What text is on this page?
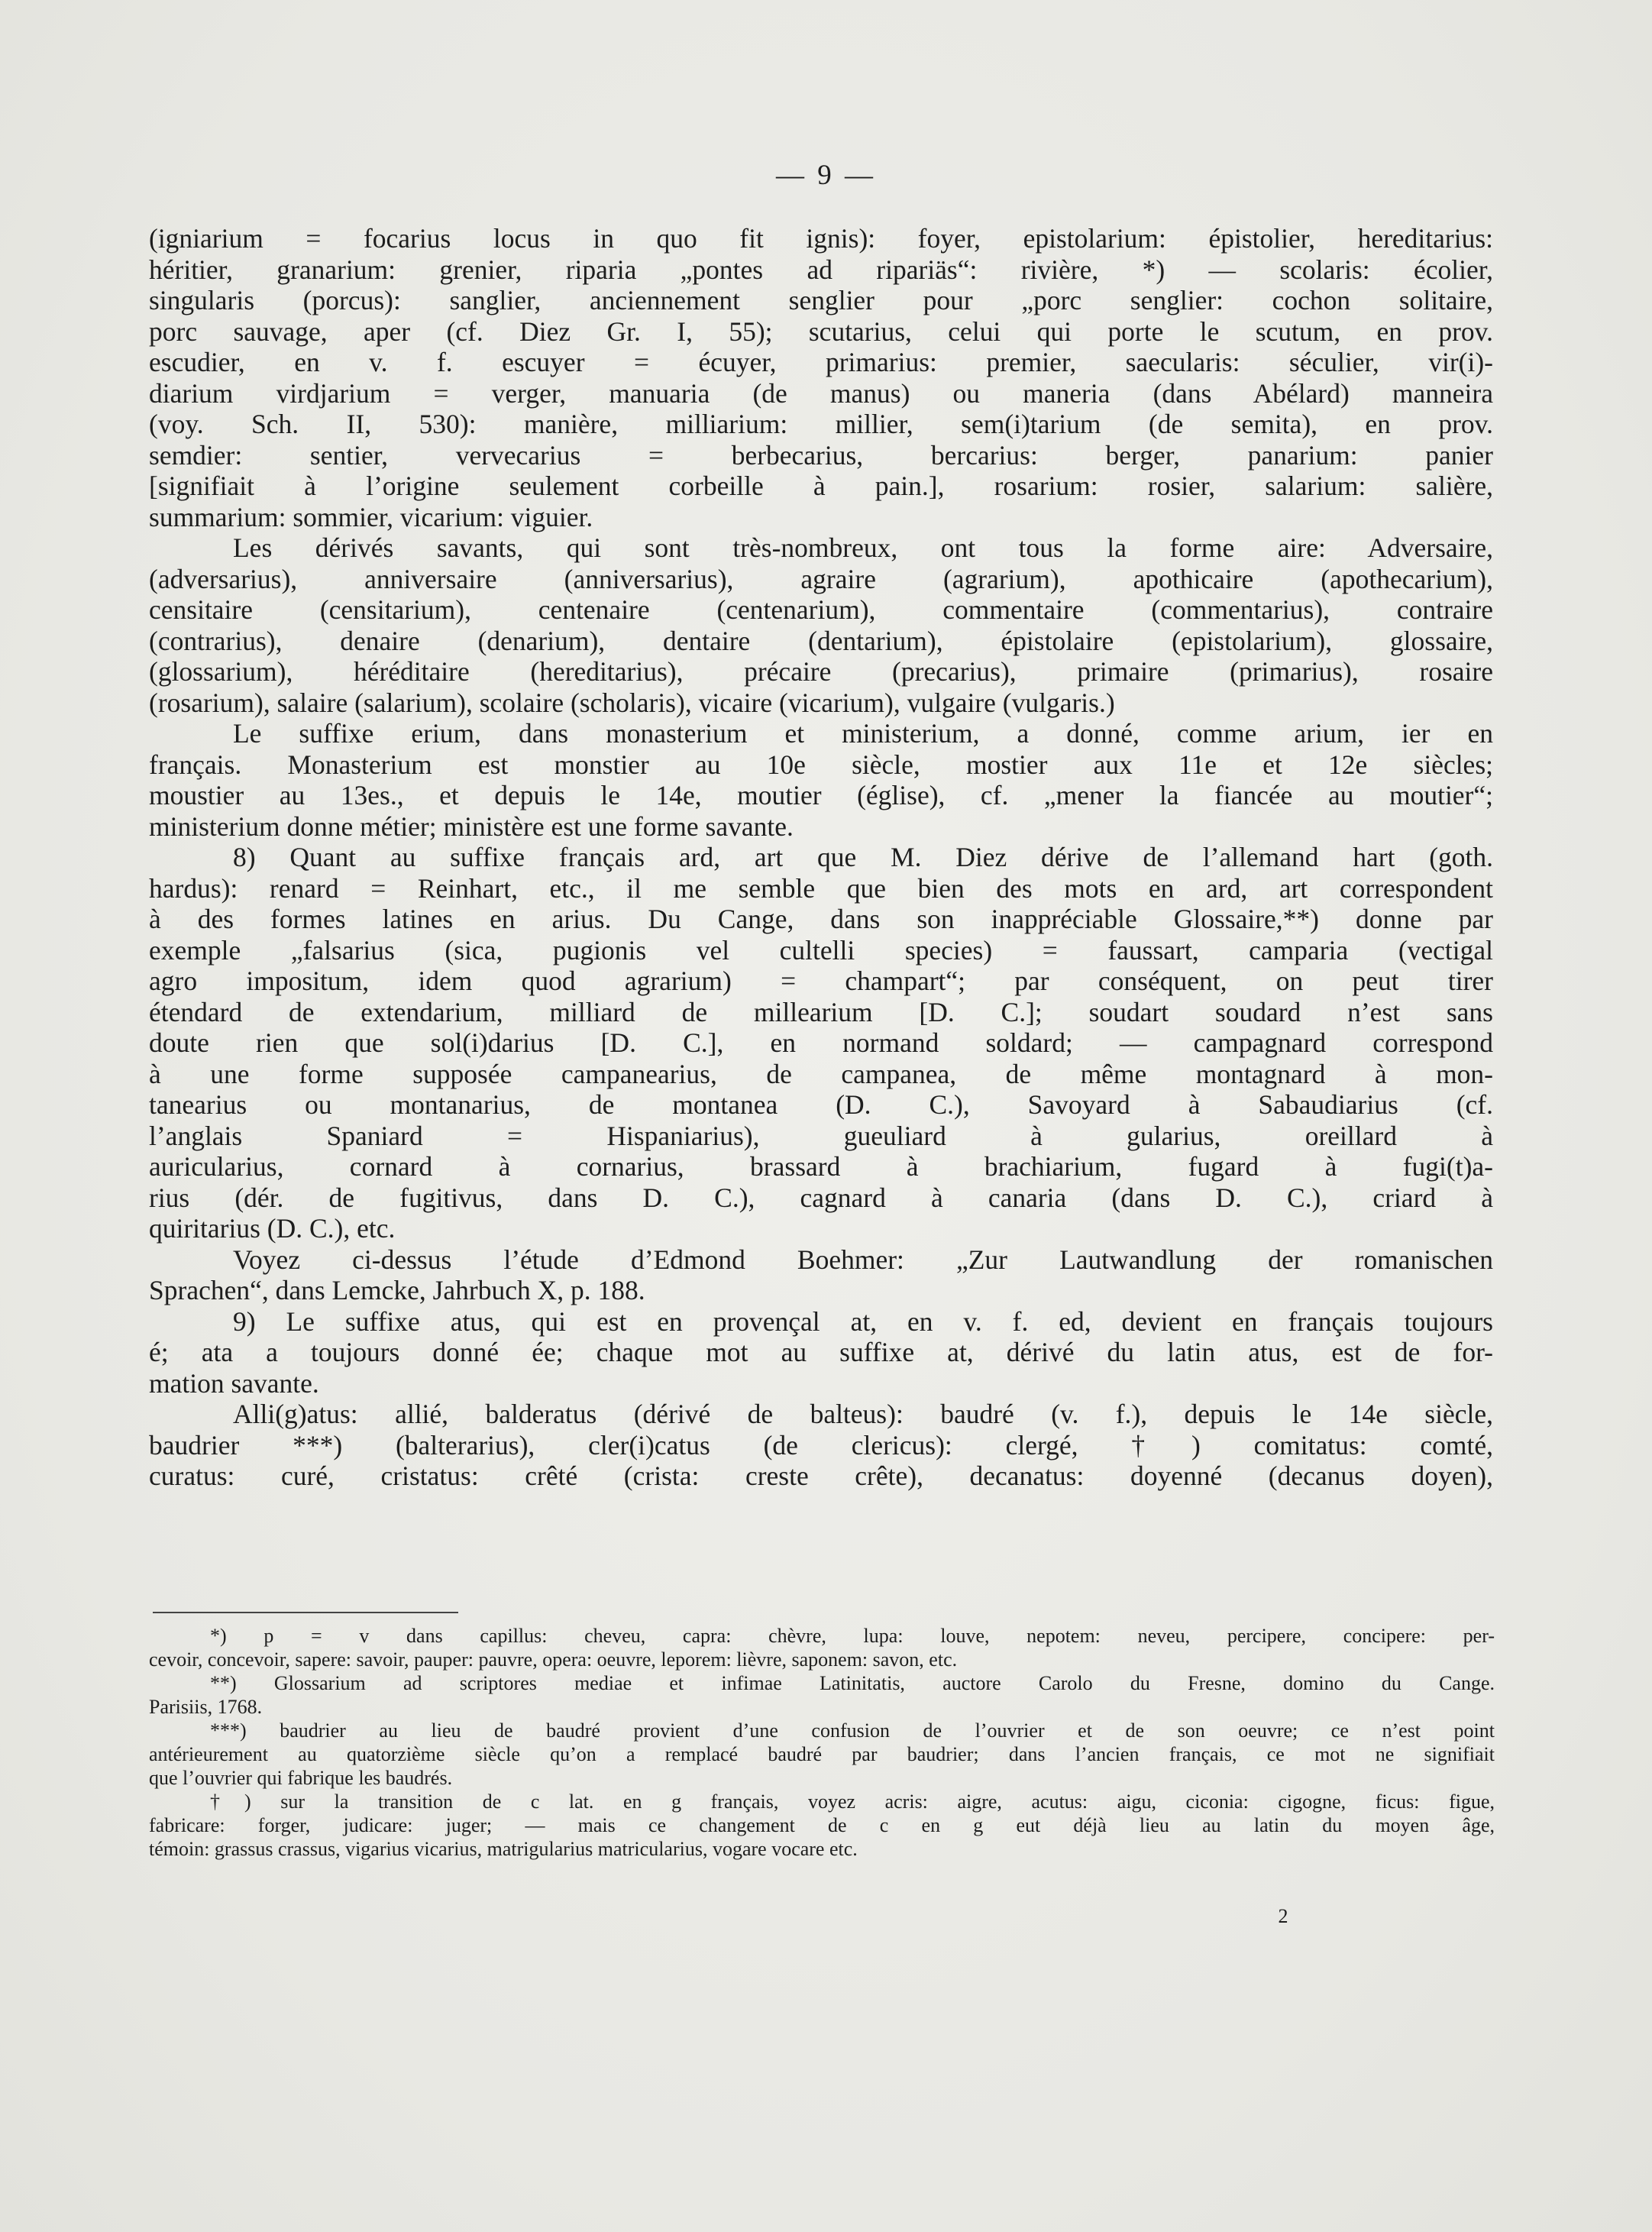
— 9 —

(igniarium = focarius locus in quo fit ignis): foyer, epistolarium: épistolier, hereditarius:

héritier, granarium: grenier, riparia „pontes ad ripariäs“: rivière, *) — scolaris: écolier,

singularis (porcus): sanglier, anciennement senglier pour „porc senglier: cochon solitaire,

porc sauvage, aper (cf. Diez Gr. I, 55); scutarius, celui qui porte le scutum, en prov.

escudier, en v. f. escuyer = écuyer, primarius: premier, saecularis: séculier, vir(i)-

diarium virdjarium = verger, manuaria (de manus) ou maneria (dans Abélard) manneira

(voy. Sch. II, 530): manière, milliarium: millier, sem(i)tarium (de semita), en prov.

semdier: sentier, vervecarius = berbecarius, bercarius: berger, panarium: panier

[signifiait à l’origine seulement corbeille à pain.], rosarium: rosier, salarium: salière,

summarium: sommier, vicarium: viguier.

Les dérivés savants, qui sont très-nombreux, ont tous la forme aire: Adversaire,

(adversarius), anniversaire (anniversarius), agraire (agrarium), apothicaire (apothecarium),

censitaire (censitarium), centenaire (centenarium), commentaire (commentarius), contraire

(contrarius), denaire (denarium), dentaire (dentarium), épistolaire (epistolarium), glossaire,

(glossarium), héréditaire (hereditarius), précaire (precarius), primaire (primarius), rosaire

(rosarium), salaire (salarium), scolaire (scholaris), vicaire (vicarium), vulgaire (vulgaris.)

Le suffixe erium, dans monasterium et ministerium, a donné, comme arium, ier en

français. Monasterium est monstier au 10e siècle, mostier aux 11e et 12e siècles;

moustier au 13es., et depuis le 14e, moutier (église), cf. „mener la fiancée au moutier“;

ministerium donne métier; ministère est une forme savante.

8) Quant au suffixe français ard, art que M. Diez dérive de l’allemand hart (goth.

hardus): renard = Reinhart, etc., il me semble que bien des mots en ard, art correspondent

à des formes latines en arius. Du Cange, dans son inappréciable Glossaire,**) donne par

exemple „falsarius (sica, pugionis vel cultelli species) = faussart, camparia (vectigal

agro impositum, idem quod agrarium) = champart“; par conséquent, on peut tirer

étendard de extendarium, milliard de millearium [D. C.]; soudart soudard n’est sans

doute rien que sol(i)darius [D. C.], en normand soldard; — campagnard correspond

à une forme supposée campanearius, de campanea, de même montagnard à mon-

tanearius ou montanarius, de montanea (D. C.), Savoyard à Sabaudiarius (cf.

l’anglais Spaniard = Hispaniarius), gueuliard à gularius, oreillard à

auricularius, cornard à cornarius, brassard à brachiarium, fugard à fugi(t)a-

rius (dér. de fugitivus, dans D. C.), cagnard à canaria (dans D. C.), criard à

quiritarius (D. C.), etc.

Voyez ci-dessus l’étude d’Edmond Boehmer: „Zur Lautwandlung der romanischen

Sprachen“, dans Lemcke, Jahrbuch X, p. 188.

9) Le suffixe atus, qui est en provençal at, en v. f. ed, devient en français toujours

é; ata a toujours donné ée; chaque mot au suffixe at, dérivé du latin atus, est de for-

mation savante.

Alli(g)atus: allié, balderatus (dérivé de balteus): baudré (v. f.), depuis le 14e siècle,

baudrier ***) (balterarius), cler(i)catus (de clericus): clergé, †) comitatus: comté,

curatus: curé, cristatus: crêté (crista: creste crête), decanatus: doyenné (decanus doyen),

*) p = v dans capillus: cheveu, capra: chèvre, lupa: louve, nepotem: neveu, percipere, concipere: per-

cevoir, concevoir, sapere: savoir, pauper: pauvre, opera: oeuvre, leporem: lièvre, saponem: savon, etc.

**) Glossarium ad scriptores mediae et infimae Latinitatis, auctore Carolo du Fresne, domino du Cange.

Parisiis, 1768.

***) baudrier au lieu de baudré provient d’une confusion de l’ouvrier et de son oeuvre; ce n’est point

antérieurement au quatorzième siècle qu’on a remplacé baudré par baudrier; dans l’ancien français, ce mot ne signifiait

que l’ouvrier qui fabrique les baudrés.

†) sur la transition de c lat. en g français, voyez acris: aigre, acutus: aigu, ciconia: cigogne, ficus: figue,

fabricare: forger, judicare: juger; — mais ce changement de c en g eut déjà lieu au latin du moyen âge,

témoin: grassus crassus, vigarius vicarius, matrigularius matricularius, vogare vocare etc.

2
